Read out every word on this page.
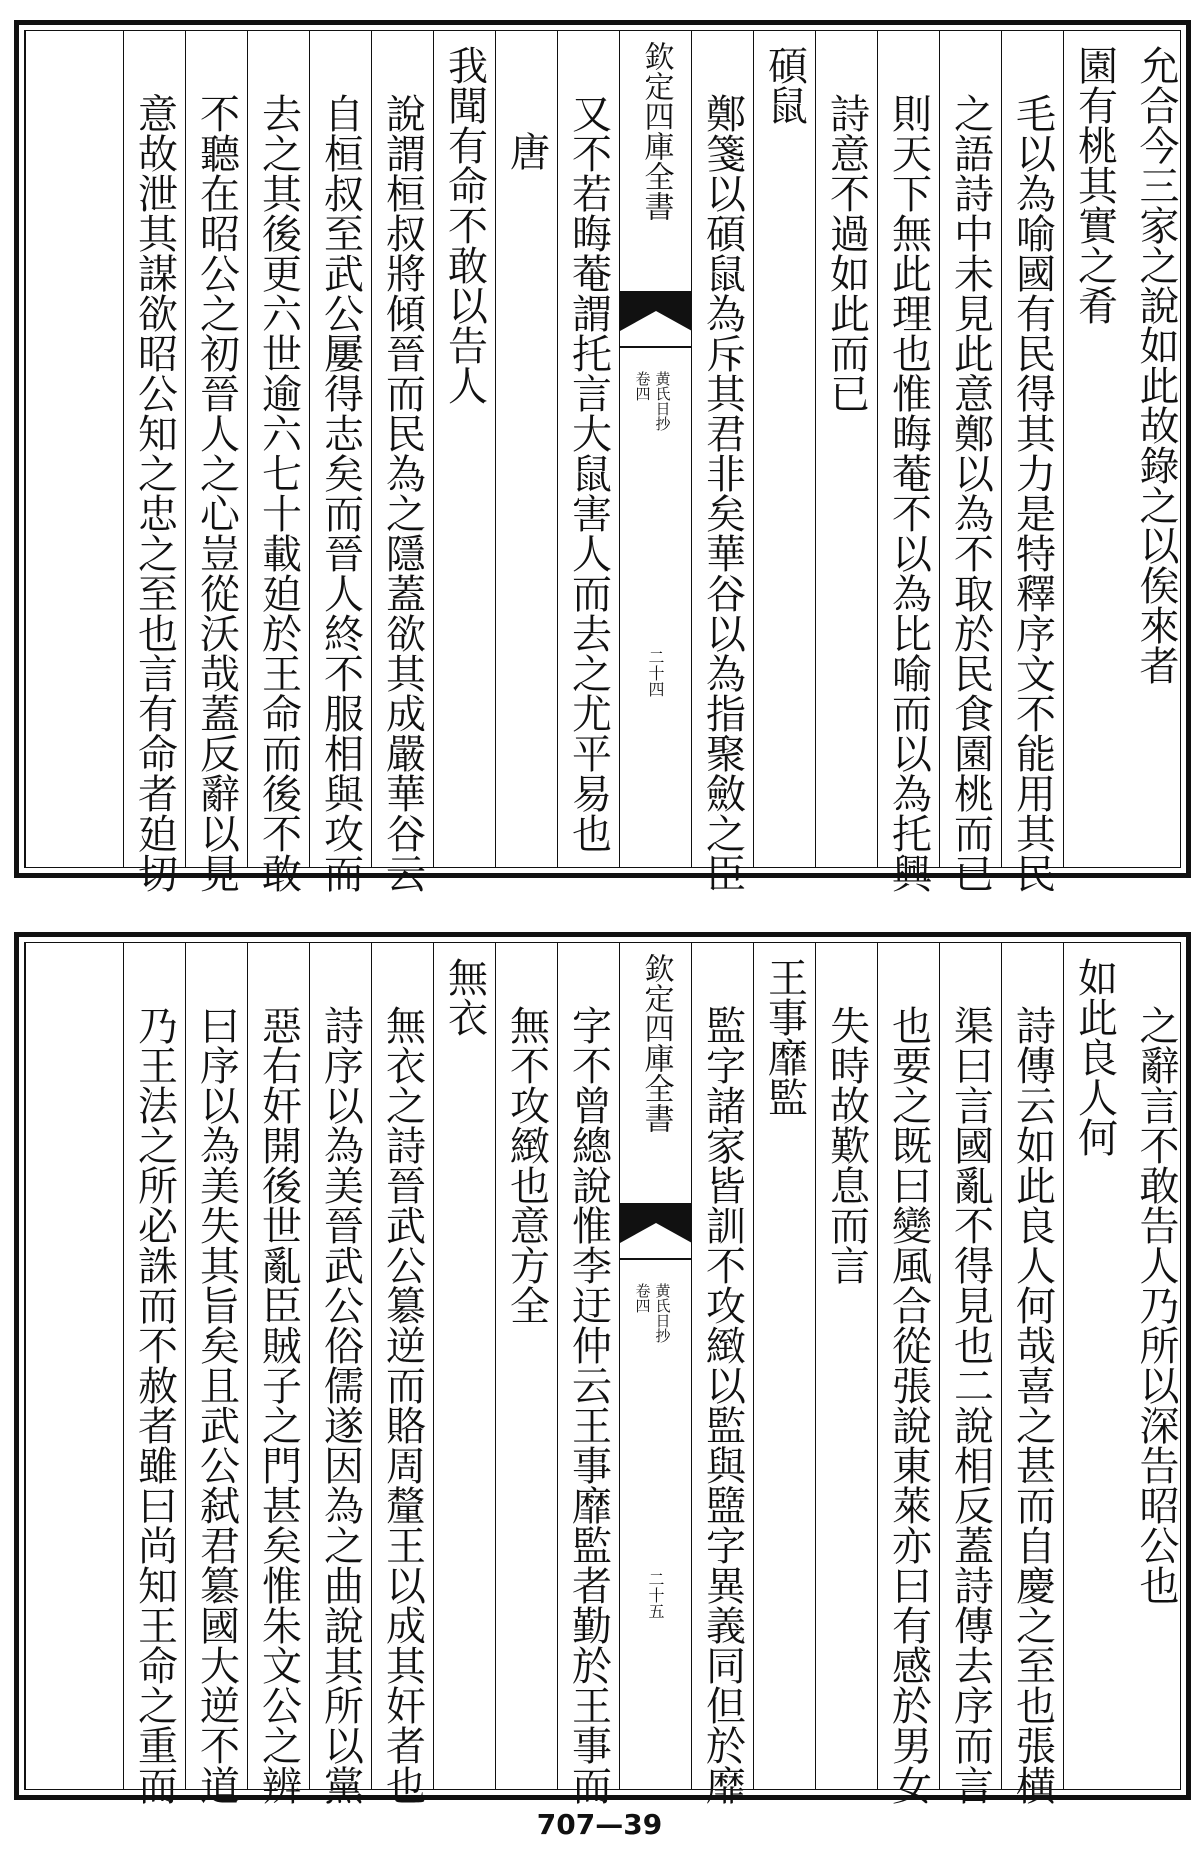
允合今三家之說如此故錄之以俟來者
園有桃其實之肴
毛以為喻國有民得其力是特釋序文不能用其民
之語詩中未見此意鄭以為不取於民食園桃而已
則天下無此理也惟晦菴不以為比喻而以為托興
詩意不過如此而已
碩鼠
鄭箋以碩鼠為斥其君非矣華谷以為指聚斂之臣
欽定四庫全書
黄氏日抄
卷四
二十四
又不若晦菴謂托言大鼠害人而去之尤平易也
唐
我聞有命不敢以告人
說謂桓叔將傾晉而民為之隱蓋欲其成嚴華谷云
自桓叔至武公屢得志矣而晉人終不服相與攻而
去之其後更六世逾六七十載廹於王命而後不敢
不聽在昭公之初晉人之心豈從沃哉蓋反辭以見
意故泄其謀欲昭公知之忠之至也言有命者廹切
之辭言不敢告人乃所以深告昭公也
如此良人何
詩傳云如此良人何哉喜之甚而自慶之至也張横
渠曰言國亂不得見也二說相反蓋詩傳去序而言
也要之既曰變風合從張說東萊亦曰有感於男女
失時故歎息而言
王事靡監
監字諸家皆訓不攻緻以監與盬字異義同但於靡
欽定四庫全書
黄氏日抄
卷四
二十五
字不曾總說惟李迂仲云王事靡監者勤於王事而
無不攻緻也意方全
無衣
無衣之詩晉武公簒逆而賂周釐王以成其奸者也
詩序以為美晉武公俗儒遂因為之曲說其所以黨
惡右奸開後世亂臣賊子之門甚矣惟朱文公之辨
曰序以為美失其旨矣且武公弑君簒國大逆不道
乃王法之所必誅而不赦者雖曰尚知王命之重而
707—39
